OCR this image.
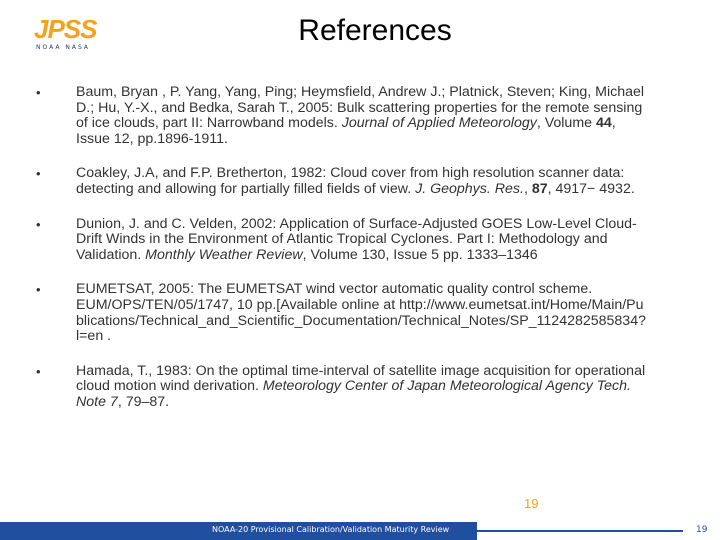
JPSS
NOAA NASA
References
• Baum, Bryan , P. Yang, Yang, Ping; Heymsfield, Andrew J.; Platnick, Steven; King, Michael D.; Hu, Y.-X., and Bedka, Sarah T., 2005: Bulk scattering properties for the remote sensing of ice clouds, part II: Narrowband models. Journal of Applied Meteorology, Volume 44, Issue 12, pp.1896-1911.
• Coakley, J.A, and F.P. Bretherton, 1982: Cloud cover from high resolution scanner data: detecting and allowing for partially filled fields of view. J. Geophys. Res., 87, 4917− 4932.
• Dunion, J. and C. Velden, 2002: Application of Surface-Adjusted GOES Low-Level Cloud-Drift Winds in the Environment of Atlantic Tropical Cyclones. Part I: Methodology and Validation. Monthly Weather Review, Volume 130, Issue 5 pp. 1333–1346
• EUMETSAT, 2005: The EUMETSAT wind vector automatic quality control scheme. EUM/OPS/TEN/05/1747, 10 pp.[Available online at http://www.eumetsat.int/Home/Main/Publications/Technical_and_Scientific_Documentation/Technical_Notes/SP_1124282585834?l=en .
• Hamada, T., 1983: On the optimal time-interval of satellite image acquisition for operational cloud motion wind derivation. Meteorology Center of Japan Meteorological Agency Tech. Note 7, 79–87.
19
NOAA-20 Provisional Calibration/Validation Maturity Review	19
